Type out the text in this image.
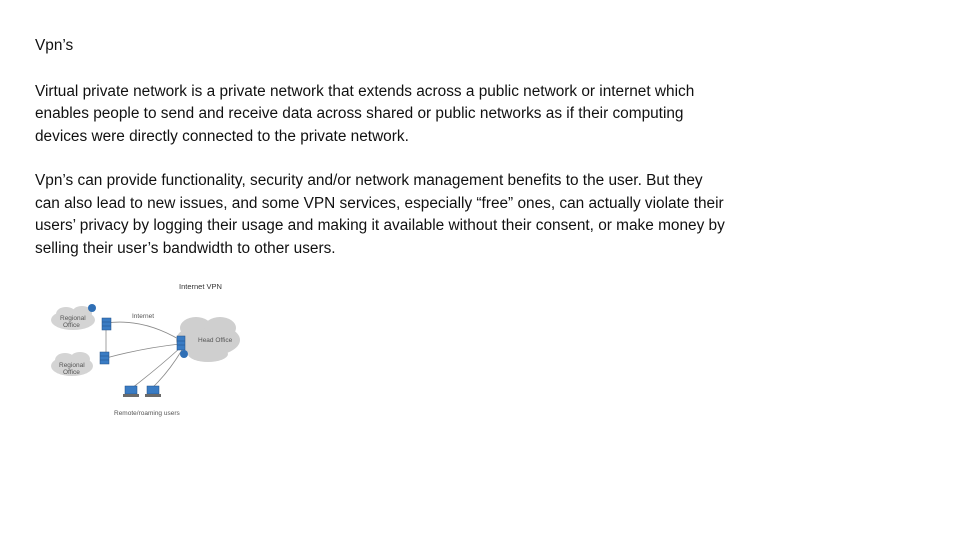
Vpn’s

Virtual private network is a private network that extends across a public network or internet which enables people to send and receive data across shared or public networks as if their computing devices were directly connected to the private network.

Vpn’s can provide functionality, security and/or network management benefits to the user. But they can also lead to new issues, and some VPN services, especially “free” ones, can actually violate their users’ privacy by logging their usage and making it available without their consent, or make money by selling their user’s bandwidth to other users.

Regional
Office
Regional
Office
Internet
Head Office
Remote/roaming users
Internet VPN
